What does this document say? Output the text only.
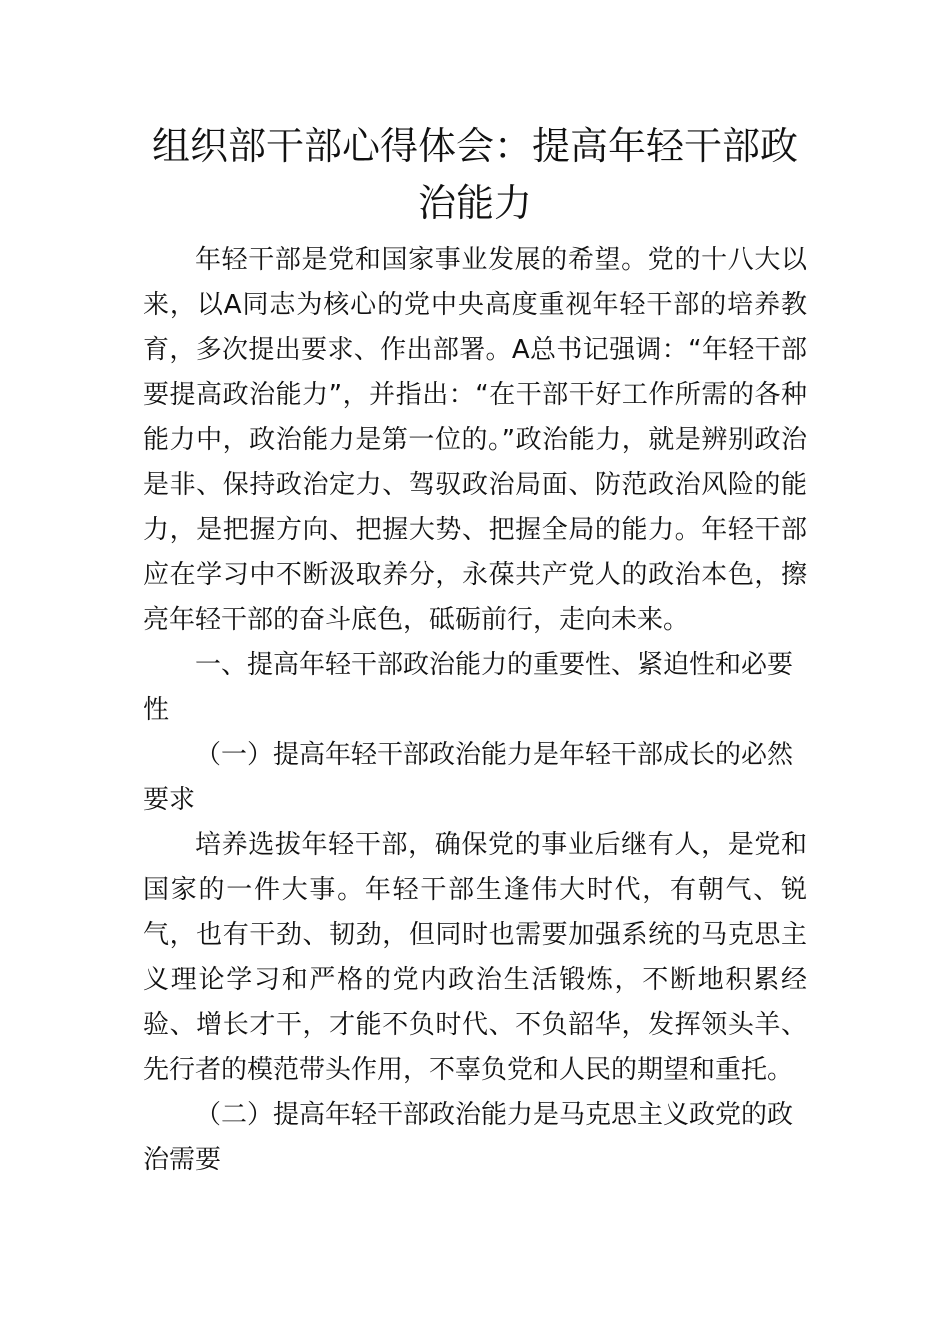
组织部干部心得体会：提高年轻干部政治能力

年轻干部是党和国家事业发展的希望。党的十八大以来，以A同志为核心的党中央高度重视年轻干部的培养教育，多次提出要求、作出部署。A总书记强调：“年轻干部要提高政治能力”，并指出：“在干部干好工作所需的各种能力中，政治能力是第一位的。”政治能力，就是辨别政治是非、保持政治定力、驾驭政治局面、防范政治风险的能力，是把握方向、把握大势、把握全局的能力。年轻干部应在学习中不断汲取养分，永葆共产党人的政治本色，擦亮年轻干部的奋斗底色，砥砺前行，走向未来。

一、提高年轻干部政治能力的重要性、紧迫性和必要性

（一）提高年轻干部政治能力是年轻干部成长的必然要求

培养选拔年轻干部，确保党的事业后继有人，是党和国家的一件大事。年轻干部生逢伟大时代，有朝气、锐气，也有干劲、韧劲，但同时也需要加强系统的马克思主义理论学习和严格的党内政治生活锻炼，不断地积累经验、增长才干，才能不负时代、不负韶华，发挥领头羊、先行者的模范带头作用，不辜负党和人民的期望和重托。

（二）提高年轻干部政治能力是马克思主义政党的政治需要
